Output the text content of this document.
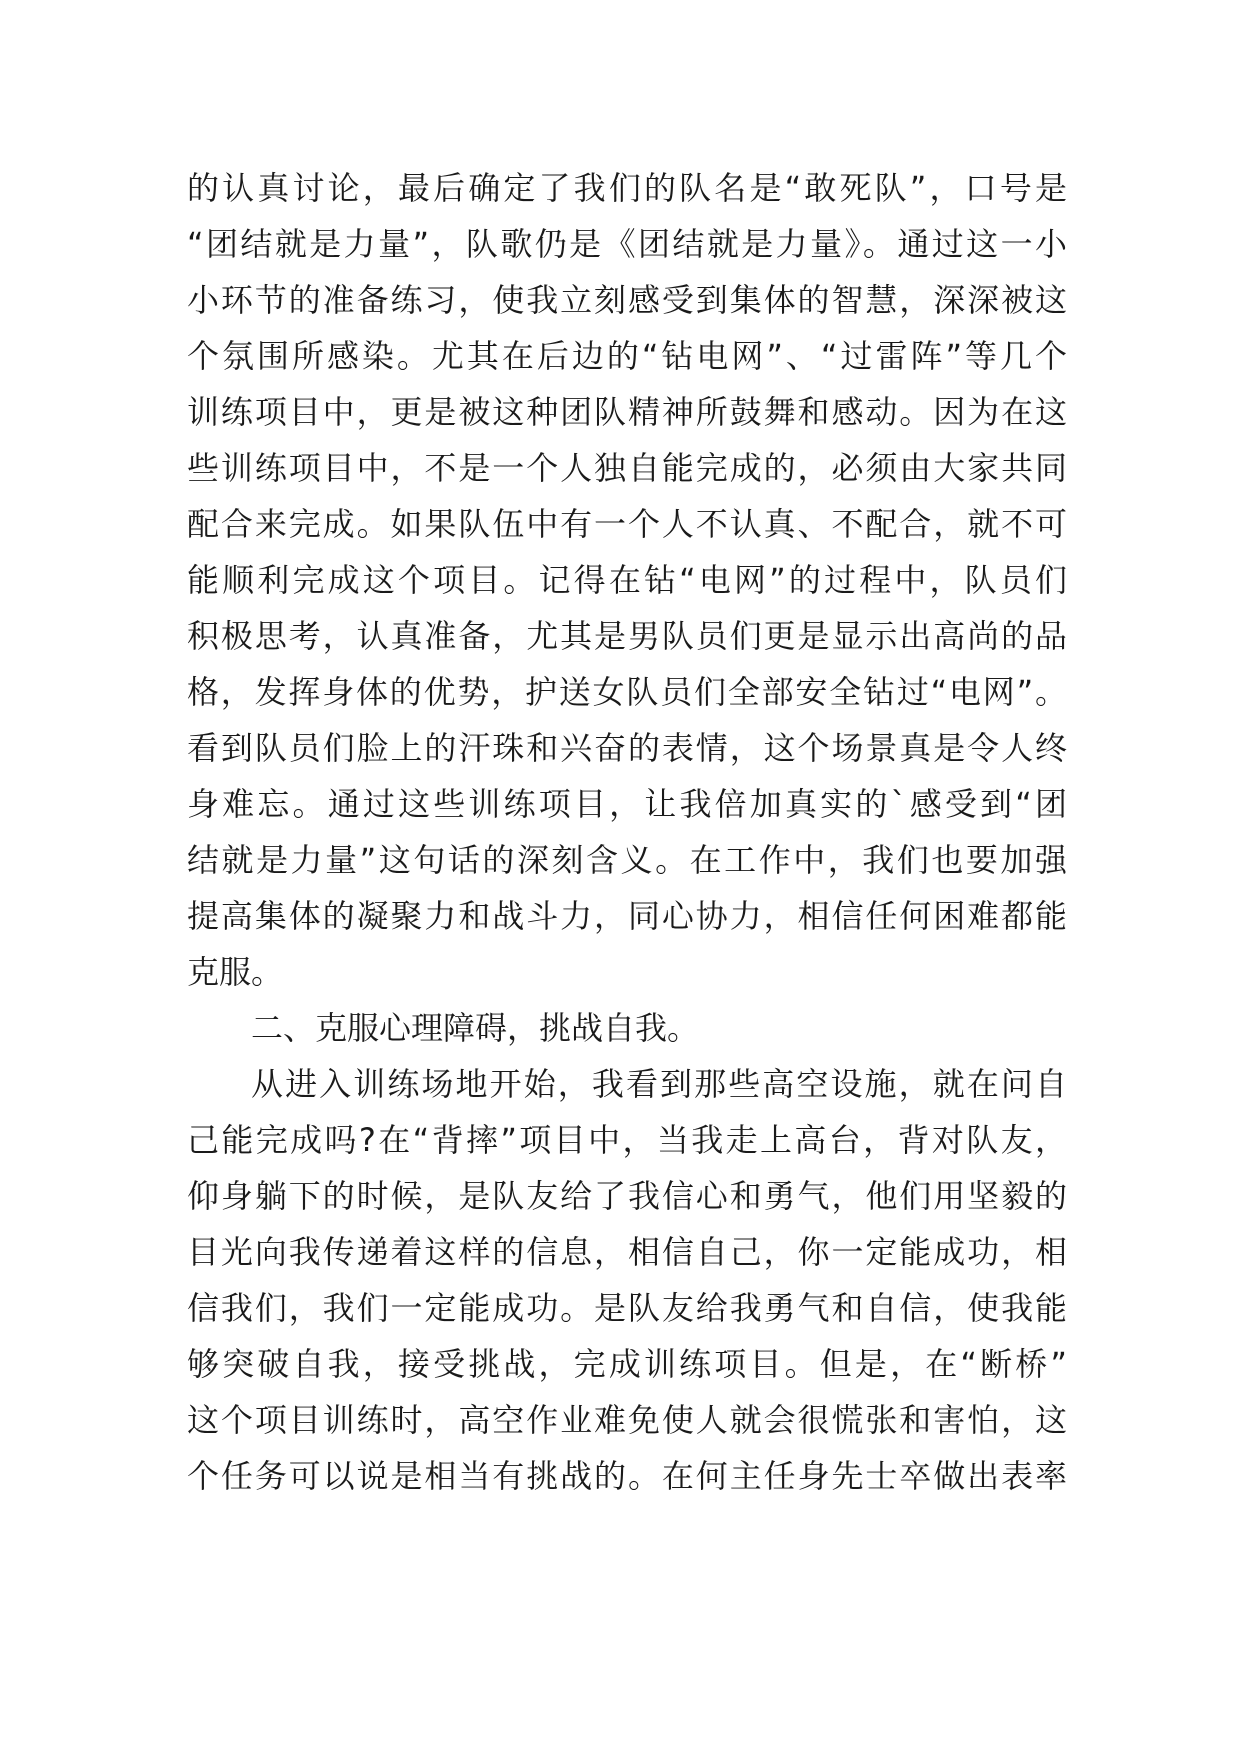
的认真讨论，最后确定了我们的队名是“敢死队”，口号是
“团结就是力量”，队歌仍是《团结就是力量》。通过这一小
小环节的准备练习，使我立刻感受到集体的智慧，深深被这
个氛围所感染。尤其在后边的“钻电网”、“过雷阵”等几个
训练项目中，更是被这种团队精神所鼓舞和感动。因为在这
些训练项目中，不是一个人独自能完成的，必须由大家共同
配合来完成。如果队伍中有一个人不认真、不配合，就不可
能顺利完成这个项目。记得在钻“电网”的过程中，队员们
积极思考，认真准备，尤其是男队员们更是显示出高尚的品
格，发挥身体的优势，护送女队员们全部安全钻过“电网”。
看到队员们脸上的汗珠和兴奋的表情，这个场景真是令人终
身难忘。通过这些训练项目，让我倍加真实的`感受到“团
结就是力量”这句话的深刻含义。在工作中，我们也要加强
提高集体的凝聚力和战斗力，同心协力，相信任何困难都能
克服。
二、克服心理障碍，挑战自我。
从进入训练场地开始，我看到那些高空设施，就在问自
己能完成吗?在“背摔”项目中，当我走上高台，背对队友，
仰身躺下的时候，是队友给了我信心和勇气，他们用坚毅的
目光向我传递着这样的信息，相信自己，你一定能成功，相
信我们，我们一定能成功。是队友给我勇气和自信，使我能
够突破自我，接受挑战，完成训练项目。但是，在“断桥”
这个项目训练时，高空作业难免使人就会很慌张和害怕，这
个任务可以说是相当有挑战的。在何主任身先士卒做出表率
